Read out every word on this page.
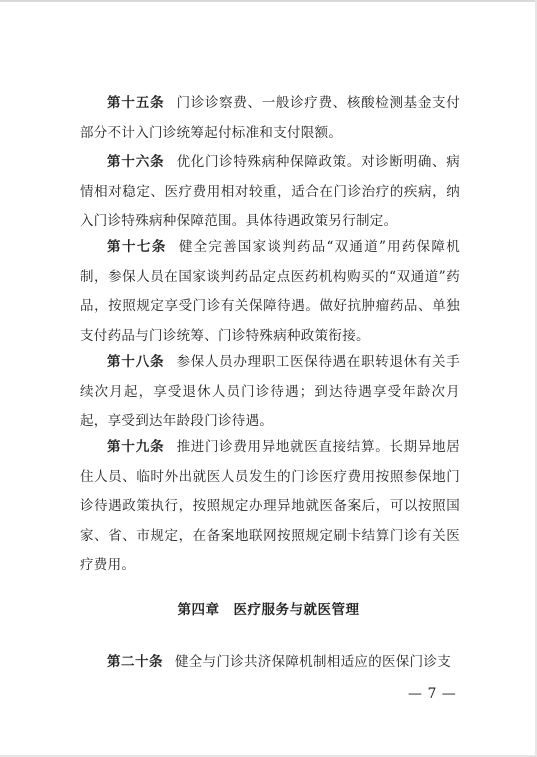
第十五条 门诊诊察费、一般诊疗费、核酸检测基金支付部分不计入门诊统筹起付标准和支付限额。

第十六条 优化门诊特殊病种保障政策。对诊断明确、病情相对稳定、医疗费用相对较重，适合在门诊治疗的疾病，纳入门诊特殊病种保障范围。具体待遇政策另行制定。

第十七条 健全完善国家谈判药品“双通道”用药保障机制，参保人员在国家谈判药品定点医药机构购买的“双通道”药品，按照规定享受门诊有关保障待遇。做好抗肿瘤药品、单独支付药品与门诊统筹、门诊特殊病种政策衔接。

第十八条 参保人员办理职工医保待遇在职转退休有关手续次月起，享受退休人员门诊待遇；到达待遇享受年龄次月起，享受到达年龄段门诊待遇。

第十九条 推进门诊费用异地就医直接结算。长期异地居住人员、临时外出就医人员发生的门诊医疗费用按照参保地门诊待遇政策执行，按照规定办理异地就医备案后，可以按照国家、省、市规定，在备案地联网按照规定刷卡结算门诊有关医疗费用。

第四章 医疗服务与就医管理

第二十条 健全与门诊共济保障机制相适应的医保门诊支

— 7 —
